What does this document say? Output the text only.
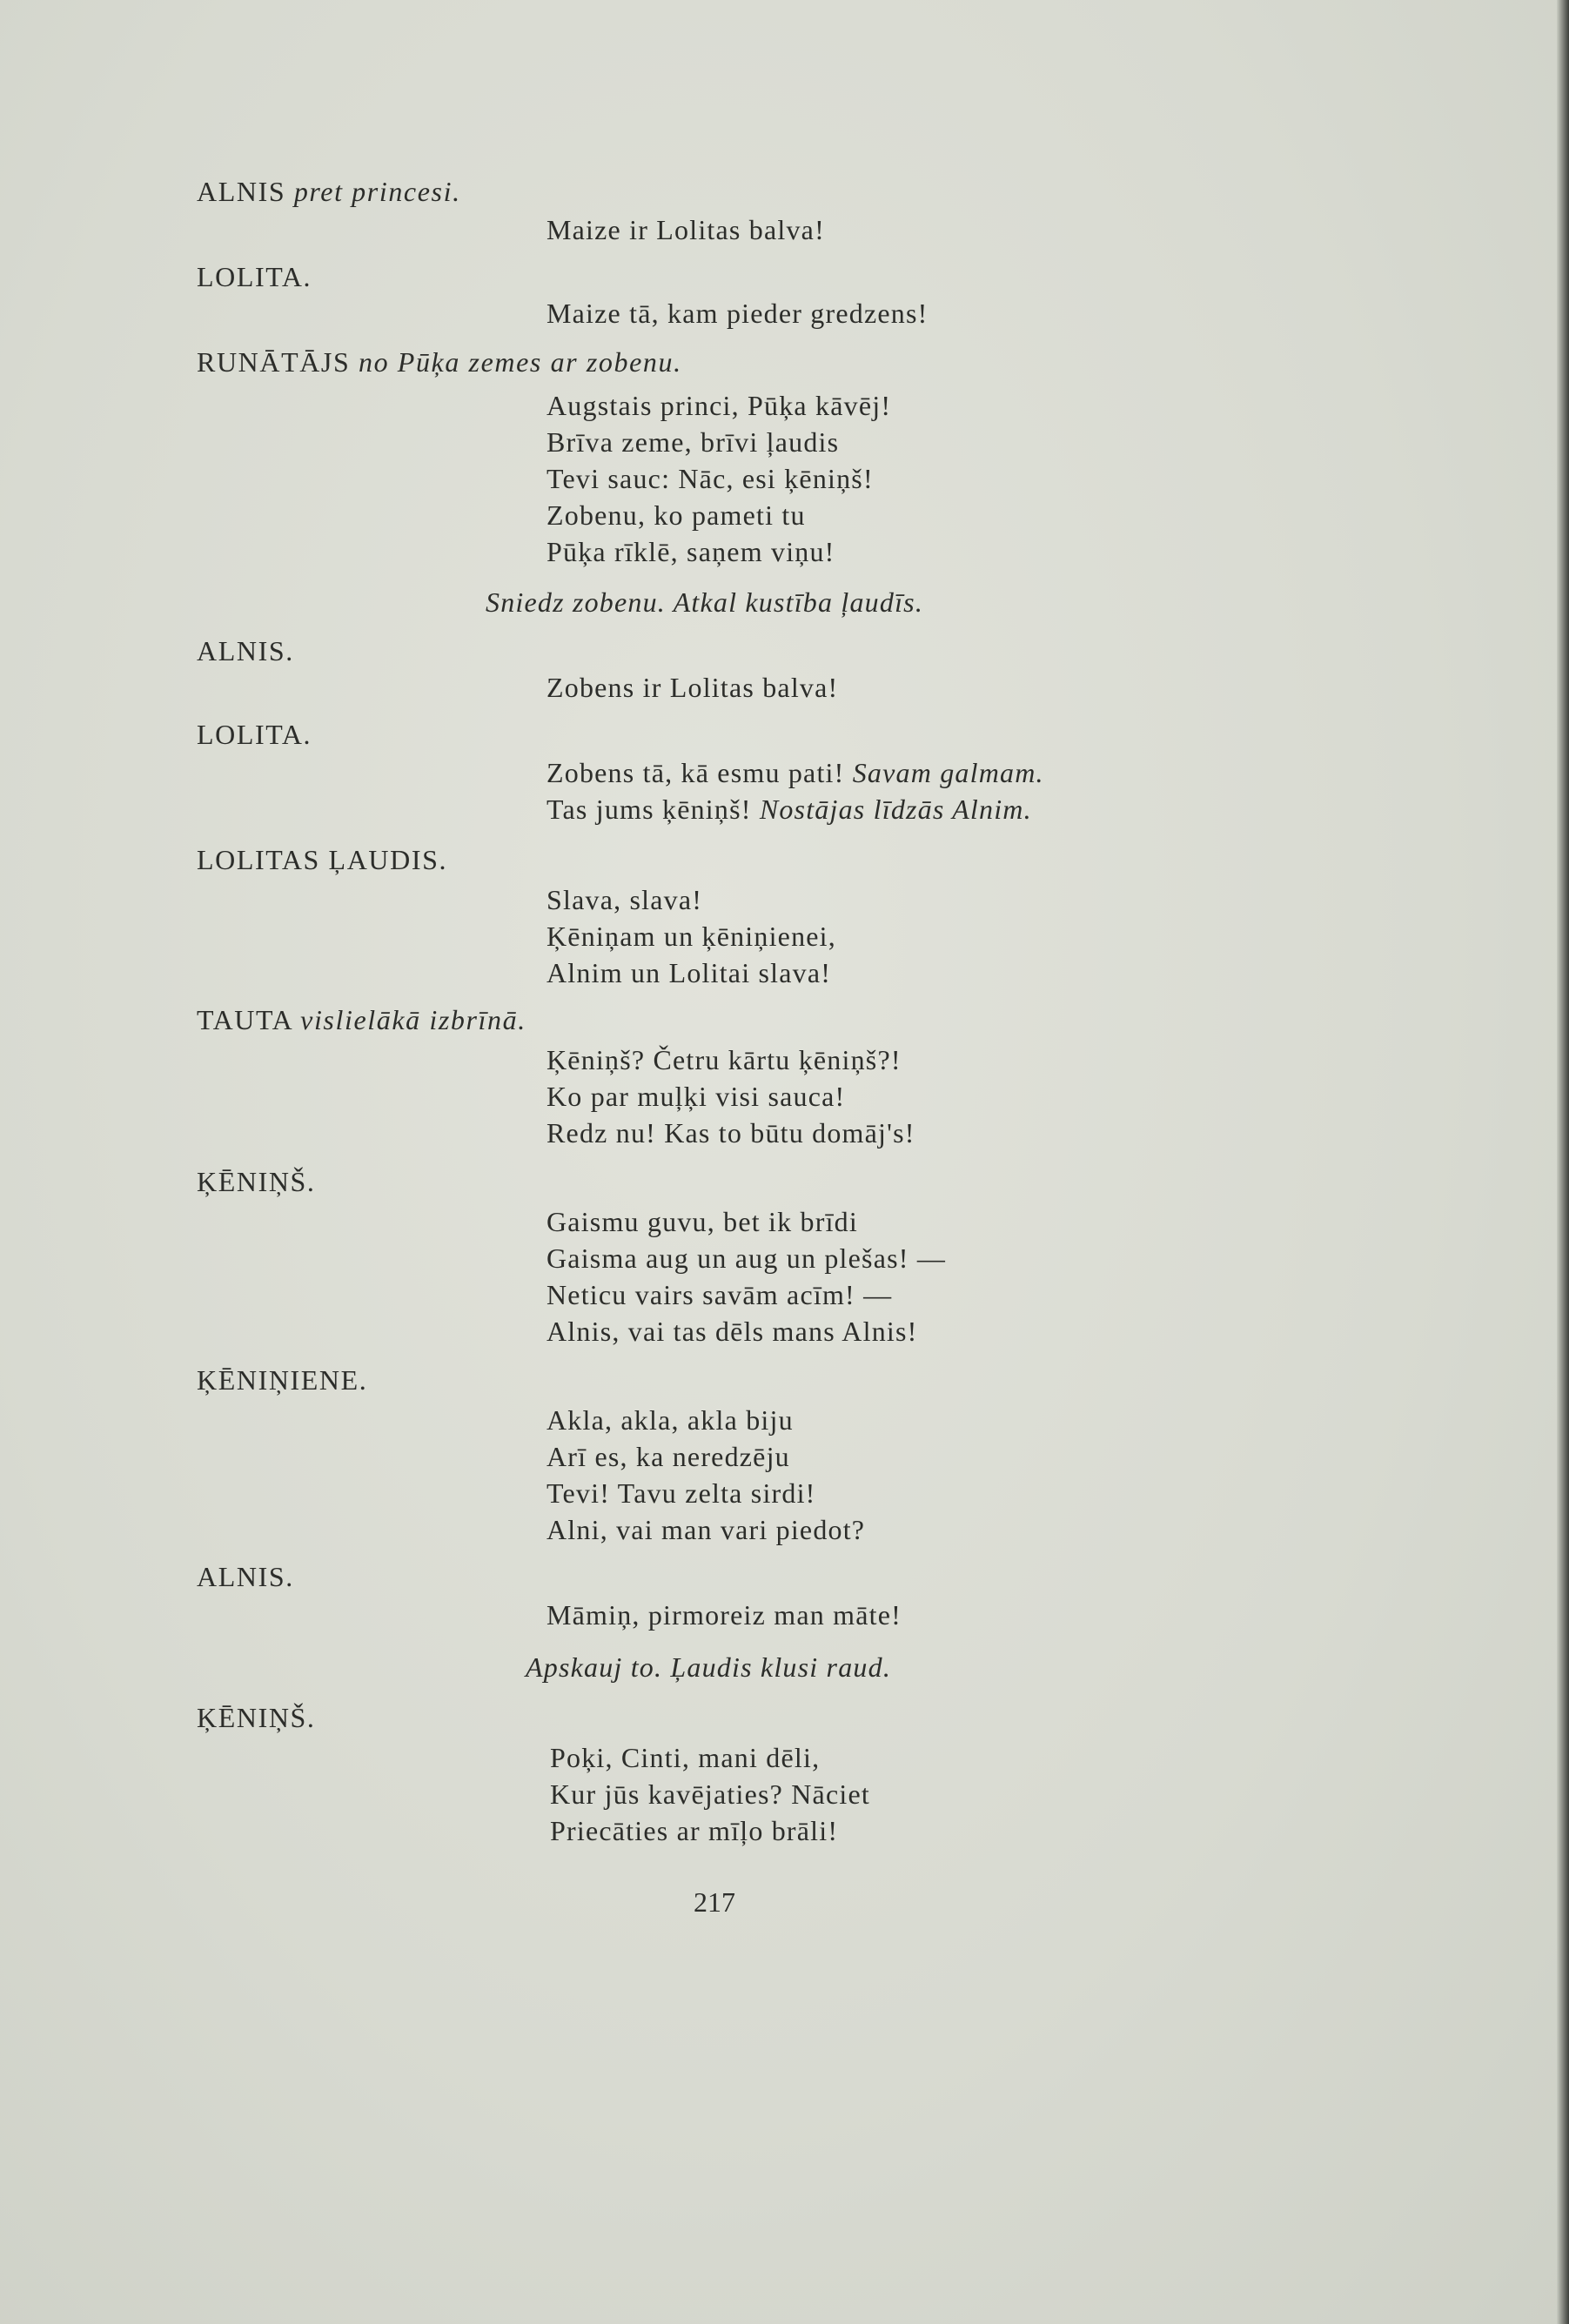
ALNIS pret princesi.
Maize ir Lolitas balva!
LOLITA.
Maize tā, kam pieder gredzens!
RUNĀTĀJS no Pūķa zemes ar zobenu.
Augstais princi, Pūķa kāvēj!
Brīva zeme, brīvi ļaudis
Tevi sauc: Nāc, esi ķēniņš!
Zobenu, ko pameti tu
Pūķa rīklē, saņem viņu!
Sniedz zobenu. Atkal kustība ļaudīs.
ALNIS.
Zobens ir Lolitas balva!
LOLITA.
Zobens tā, kā esmu pati! Savam galmam.
Tas jums ķēniņš! Nostājas līdzās Alnim.
LOLITAS ĻAUDIS.
Slava, slava!
Ķēniņam un ķēniņienei,
Alnim un Lolitai slava!
TAUTA vislielākā izbrīnā.
Ķēniņš? Četru kārtu ķēniņš?!
Ko par muļķi visi sauca!
Redz nu! Kas to būtu domāj's!
ĶĒNIŅŠ.
Gaismu guvu, bet ik brīdi
Gaisma aug un aug un plešas! —
Neticu vairs savām acīm! —
Alnis, vai tas dēls mans Alnis!
ĶĒNIŅIENE.
Akla, akla, akla biju
Arī es, ka neredzēju
Tevi! Tavu zelta sirdi!
Alni, vai man vari piedot?
ALNIS.
Māmiņ, pirmoreiz man māte!
Apskauj to. Ļaudis klusi raud.
ĶĒNIŅŠ.
Poķi, Cinti, mani dēli,
Kur jūs kavējaties? Nāciet
Priecāties ar mīļo brāli!
217
